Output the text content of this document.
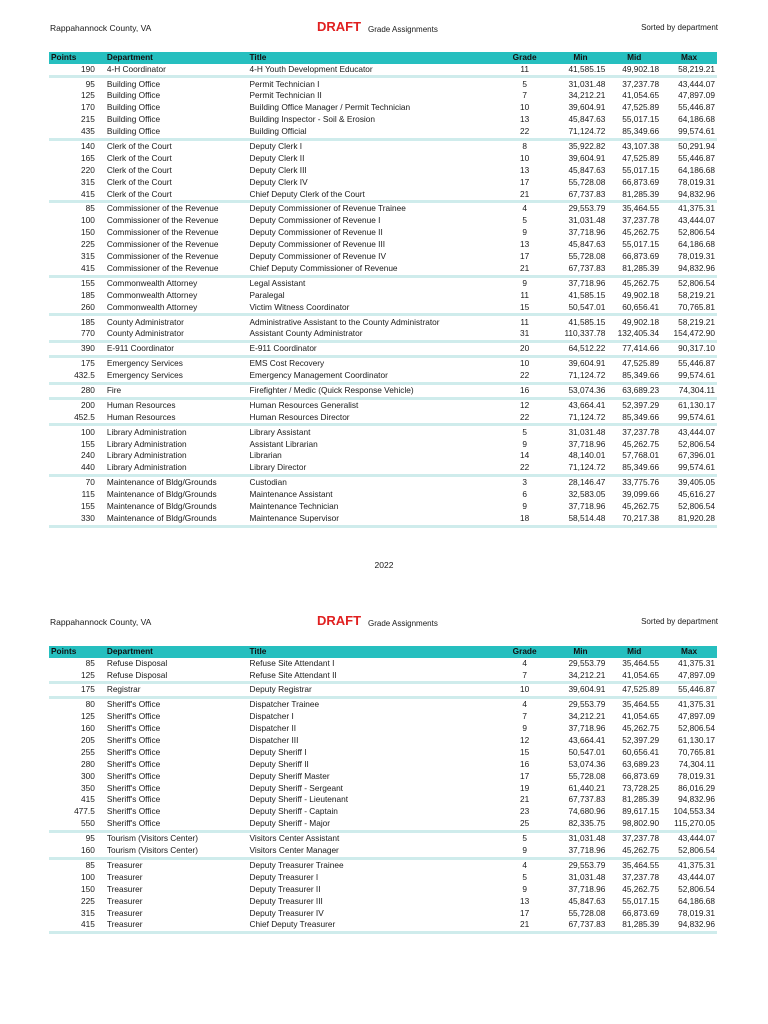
Rappahannock County, VA	DRAFT Grade Assignments	Sorted by department
Points	Department	Title	Grade	Min	Mid	Max
190	4-H Coordinator	4-H Youth Development Educator	11	41,585.15	49,902.18	58,219.21

95	Building Office	Permit Technician I	5	31,031.48	37,237.78	43,444.07
125	Building Office	Permit Technician II	7	34,212.21	41,054.65	47,897.09
170	Building Office	Building Office Manager / Permit Technician	10	39,604.91	47,525.89	55,446.87
215	Building Office	Building Inspector - Soil & Erosion	13	45,847.63	55,017.15	64,186.68
435	Building Office	Building Official	22	71,124.72	85,349.66	99,574.61

140	Clerk of the Court	Deputy Clerk I	8	35,922.82	43,107.38	50,291.94
165	Clerk of the Court	Deputy Clerk II	10	39,604.91	47,525.89	55,446.87
220	Clerk of the Court	Deputy Clerk III	13	45,847.63	55,017.15	64,186.68
315	Clerk of the Court	Deputy Clerk IV	17	55,728.08	66,873.69	78,019.31
415	Clerk of the Court	Chief Deputy Clerk of the Court	21	67,737.83	81,285.39	94,832.96

85	Commissioner of the Revenue	Deputy Commissioner of Revenue Trainee	4	29,553.79	35,464.55	41,375.31
100	Commissioner of the Revenue	Deputy Commissioner of Revenue I	5	31,031.48	37,237.78	43,444.07
150	Commissioner of the Revenue	Deputy Commissioner of Revenue II	9	37,718.96	45,262.75	52,806.54
225	Commissioner of the Revenue	Deputy Commissioner of Revenue III	13	45,847.63	55,017.15	64,186.68
315	Commissioner of the Revenue	Deputy Commissioner of Revenue IV	17	55,728.08	66,873.69	78,019.31
415	Commissioner of the Revenue	Chief Deputy Commissioner of Revenue	21	67,737.83	81,285.39	94,832.96

155	Commonwealth Attorney	Legal Assistant	9	37,718.96	45,262.75	52,806.54
185	Commonwealth Attorney	Paralegal	11	41,585.15	49,902.18	58,219.21
260	Commonwealth Attorney	Victim Witness Coordinator	15	50,547.01	60,656.41	70,765.81

185	County Administrator	Administrative Assistant to the County Administrator	11	41,585.15	49,902.18	58,219.21
770	County Administrator	Assistant County Administrator	31	110,337.78	132,405.34	154,472.90

390	E-911 Coordinator	E-911 Coordinator	20	64,512.22	77,414.66	90,317.10

175	Emergency Services	EMS Cost Recovery	10	39,604.91	47,525.89	55,446.87
432.5	Emergency Services	Emergency Management Coordinator	22	71,124.72	85,349.66	99,574.61

280	Fire	Firefighter / Medic (Quick Response Vehicle)	16	53,074.36	63,689.23	74,304.11

200	Human Resources	Human Resources Generalist	12	43,664.41	52,397.29	61,130.17
452.5	Human Resources	Human Resources Director	22	71,124.72	85,349.66	99,574.61

100	Library Administration	Library Assistant	5	31,031.48	37,237.78	43,444.07
155	Library Administration	Assistant Librarian	9	37,718.96	45,262.75	52,806.54
240	Library Administration	Librarian	14	48,140.01	57,768.01	67,396.01
440	Library Administration	Library Director	22	71,124.72	85,349.66	99,574.61

70	Maintenance of Bldg/Grounds	Custodian	3	28,146.47	33,775.76	39,405.05
115	Maintenance of Bldg/Grounds	Maintenance Assistant	6	32,583.05	39,099.66	45,616.27
155	Maintenance of Bldg/Grounds	Maintenance Technician	9	37,718.96	45,262.75	52,806.54
330	Maintenance of Bldg/Grounds	Maintenance Supervisor	18	58,514.48	70,217.38	81,920.28

2022
Rappahannock County, VA	DRAFT Grade Assignments	Sorted by department
Points	Department	Title	Grade	Min	Mid	Max
85	Refuse Disposal	Refuse Site Attendant I	4	29,553.79	35,464.55	41,375.31
125	Refuse Disposal	Refuse Site Attendant II	7	34,212.21	41,054.65	47,897.09

175	Registrar	Deputy Registrar	10	39,604.91	47,525.89	55,446.87

80	Sheriff's Office	Dispatcher Trainee	4	29,553.79	35,464.55	41,375.31
125	Sheriff's Office	Dispatcher I	7	34,212.21	41,054.65	47,897.09
160	Sheriff's Office	Dispatcher II	9	37,718.96	45,262.75	52,806.54
205	Sheriff's Office	Dispatcher III	12	43,664.41	52,397.29	61,130.17
255	Sheriff's Office	Deputy Sheriff I	15	50,547.01	60,656.41	70,765.81
280	Sheriff's Office	Deputy Sheriff II	16	53,074.36	63,689.23	74,304.11
300	Sheriff's Office	Deputy Sheriff Master	17	55,728.08	66,873.69	78,019.31
350	Sheriff's Office	Deputy Sheriff - Sergeant	19	61,440.21	73,728.25	86,016.29
415	Sheriff's Office	Deputy Sheriff - Lieutenant	21	67,737.83	81,285.39	94,832.96
477.5	Sheriff's Office	Deputy Sheriff - Captain	23	74,680.96	89,617.15	104,553.34
550	Sheriff's Office	Deputy Sheriff - Major	25	82,335.75	98,802.90	115,270.05

95	Tourism (Visitors Center)	Visitors Center Assistant	5	31,031.48	37,237.78	43,444.07
160	Tourism (Visitors Center)	Visitors Center Manager	9	37,718.96	45,262.75	52,806.54

85	Treasurer	Deputy Treasurer Trainee	4	29,553.79	35,464.55	41,375.31
100	Treasurer	Deputy Treasurer I	5	31,031.48	37,237.78	43,444.07
150	Treasurer	Deputy Treasurer II	9	37,718.96	45,262.75	52,806.54
225	Treasurer	Deputy Treasurer III	13	45,847.63	55,017.15	64,186.68
315	Treasurer	Deputy Treasurer IV	17	55,728.08	66,873.69	78,019.31
415	Treasurer	Chief Deputy Treasurer	21	67,737.83	81,285.39	94,832.96
